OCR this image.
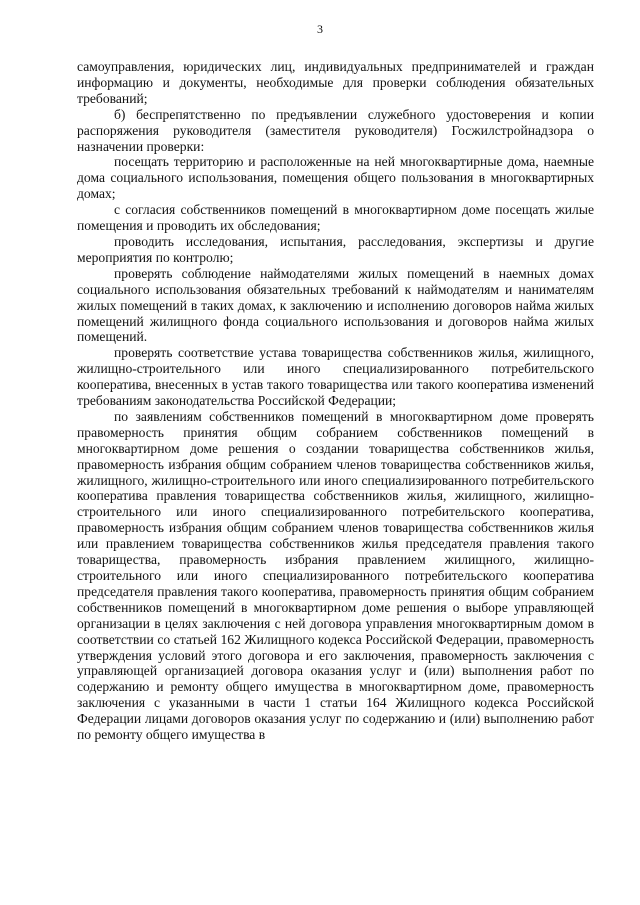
3

самоуправления, юридических лиц, индивидуальных предпринимателей и граждан информацию и документы, необходимые для проверки соблюдения обязательных требований;

б) беспрепятственно по предъявлении служебного удостоверения и копии распоряжения руководителя (заместителя руководителя) Госжилстройнадзора о назначении проверки:

посещать территорию и расположенные на ней многоквартирные дома, наемные дома социального использования, помещения общего пользования в многоквартирных домах;

с согласия собственников помещений в многоквартирном доме посещать жилые помещения и проводить их обследования;

проводить исследования, испытания, расследования, экспертизы и другие мероприятия по контролю;

проверять соблюдение наймодателями жилых помещений в наемных домах социального использования обязательных требований к наймодателям и нанимателям жилых помещений в таких домах, к заключению и исполнению договоров найма жилых помещений жилищного фонда социального использования и договоров найма жилых помещений.

проверять соответствие устава товарищества собственников жилья, жилищного, жилищно-строительного или иного специализированного потребительского кооператива, внесенных в устав такого товарищества или такого кооператива изменений требованиям законодательства Российской Федерации;

по заявлениям собственников помещений в многоквартирном доме проверять правомерность принятия общим собранием собственников помещений в многоквартирном доме решения о создании товарищества собственников жилья, правомерность избрания общим собранием членов товарищества собственников жилья, жилищного, жилищно-строительного или иного специализированного потребительского кооператива правления товарищества собственников жилья, жилищного, жилищно-строительного или иного специализированного потребительского кооператива, правомерность избрания общим собранием членов товарищества собственников жилья или правлением товарищества собственников жилья председателя правления такого товарищества, правомерность избрания правлением жилищного, жилищно-строительного или иного специализированного потребительского кооператива председателя правления такого кооператива, правомерность принятия общим собранием собственников помещений в многоквартирном доме решения о выборе управляющей организации в целях заключения с ней договора управления многоквартирным домом в соответствии со статьей 162 Жилищного кодекса Российской Федерации, правомерность утверждения условий этого договора и его заключения, правомерность заключения с управляющей организацией договора оказания услуг и (или) выполнения работ по содержанию и ремонту общего имущества в многоквартирном доме, правомерность заключения с указанными в части 1 статьи 164 Жилищного кодекса Российской Федерации лицами договоров оказания услуг по содержанию и (или) выполнению работ по ремонту общего имущества в
